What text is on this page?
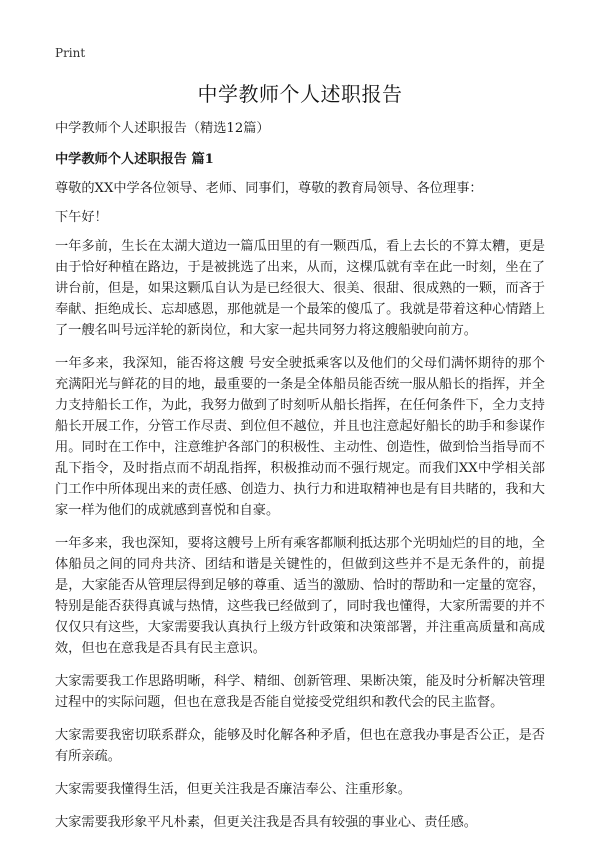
Print
中学教师个人述职报告

中学教师个人述职报告（精选12篇）

中学教师个人述职报告 篇1

尊敬的XX中学各位领导、老师、同事们，尊敬的教育局领导、各位理事：

下午好！

一年多前，生长在太湖大道边一篇瓜田里的有一颗西瓜，看上去长的不算太糟，更是由于恰好种植在路边，于是被挑选了出来，从而，这棵瓜就有幸在此一时刻，坐在了讲台前，但是，如果这颗瓜自认为是已经很大、很美、很甜、很成熟的一颗，而吝于奉献、拒绝成长、忘却感恩，那他就是一个最笨的傻瓜了。我就是带着这种心情踏上了一艘名叫号远洋轮的新岗位，和大家一起共同努力将这艘船驶向前方。

一年多来，我深知，能否将这艘 号安全驶抵乘客以及他们的父母们满怀期待的那个充满阳光与鲜花的目的地，最重要的一条是全体船员能否统一服从船长的指挥，并全力支持船长工作，为此，我努力做到了时刻听从船长指挥，在任何条件下，全力支持船长开展工作，分管工作尽责、到位但不越位，并且也注意起好船长的助手和参谋作用。同时在工作中，注意维护各部门的积极性、主动性、创造性，做到恰当指导而不乱下指令，及时指点而不胡乱指挥，积极推动而不强行规定。而我们XX中学相关部门工作中所体现出来的责任感、创造力、执行力和进取精神也是有目共睹的，我和大家一样为他们的成就感到喜悦和自豪。

一年多来，我也深知，要将这艘号上所有乘客都顺利抵达那个光明灿烂的目的地，全体船员之间的同舟共济、团结和谐是关键性的，但做到这些并不是无条件的，前提是，大家能否从管理层得到足够的尊重、适当的激励、恰时的帮助和一定量的宽容，特别是能否获得真诚与热情，这些我已经做到了，同时我也懂得，大家所需要的并不仅仅只有这些，大家需要我认真执行上级方针政策和决策部署，并注重高质量和高成效，但也在意我是否具有民主意识。

大家需要我工作思路明晰，科学、精细、创新管理、果断决策，能及时分析解决管理过程中的实际问题，但也在意我是否能自觉接受党组织和教代会的民主监督。

大家需要我密切联系群众，能够及时化解各种矛盾，但也在意我办事是否公正，是否有所亲疏。

大家需要我懂得生活，但更关注我是否廉洁奉公、注重形象。

大家需要我形象平凡朴素，但更关注我是否具有较强的事业心、责任感。
